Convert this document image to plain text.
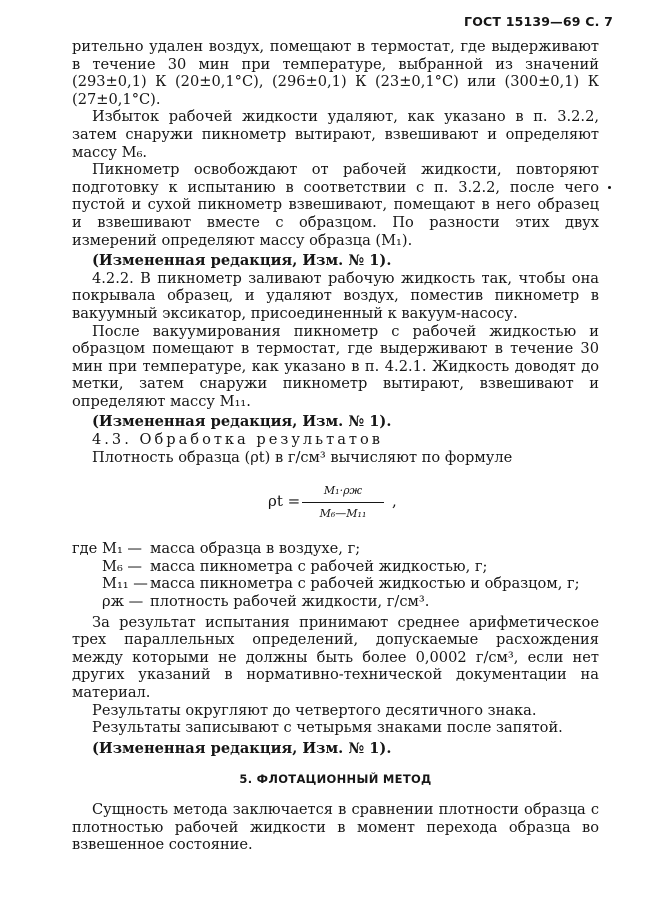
ГОСТ 15139—69 С. 7

рительно удален воздух, помещают в термостат, где выдерживают в течение 30 мин при температуре, выбранной из значений (293±0,1) К (20±0,1°С), (296±0,1) К (23±0,1°С) или (300±0,1) К (27±0,1°С).

Избыток рабочей жидкости удаляют, как указано в п. 3.2.2, затем снаружи пикнометр вытирают, взвешивают и определяют массу M₆.

Пикнометр освобождают от рабочей жидкости, повторяют подготовку к испытанию в соответствии с п. 3.2.2, после чего пустой и сухой пикнометр взвешивают, помещают в него образец и взвешивают вместе с образцом. По разности этих двух измерений определяют массу образца (M₁).

(Измененная редакция, Изм. № 1).

4.2.2. В пикнометр заливают рабочую жидкость так, чтобы она покрывала образец, и удаляют воздух, поместив пикнометр в вакуумный эксикатор, присоединенный к вакуум-насосу.

После вакуумирования пикнометр с рабочей жидкостью и образцом помещают в термостат, где выдерживают в течение 30 мин при температуре, как указано в п. 4.2.1. Жидкость доводят до метки, затем снаружи пикнометр вытирают, взвешивают и определяют массу M₁₁.

(Измененная редакция, Изм. № 1).

4.3. Обработка результатов

Плотность образца (ρt) в г/см³ вычисляют по формуле

ρt =
M₁·ρж
M₆—M₁₁
,
где M₁ — масса образца в воздухе, г;
M₆ — масса пикнометра с рабочей жидкостью, г;
M₁₁ — масса пикнометра с рабочей жидкостью и образцом, г;
ρж — плотность рабочей жидкости, г/см³.

За результат испытания принимают среднее арифметическое трех параллельных определений, допускаемые расхождения между которыми не должны быть более 0,0002 г/см³, если нет других указаний в нормативно-технической документации на материал.

Результаты округляют до четвертого десятичного знака.

Результаты записывают с четырьмя знаками после запятой.

(Измененная редакция, Изм. № 1).

5. ФЛОТАЦИОННЫЙ МЕТОД

Сущность метода заключается в сравнении плотности образца с плотностью рабочей жидкости в момент перехода образца во взвешенное состояние.
